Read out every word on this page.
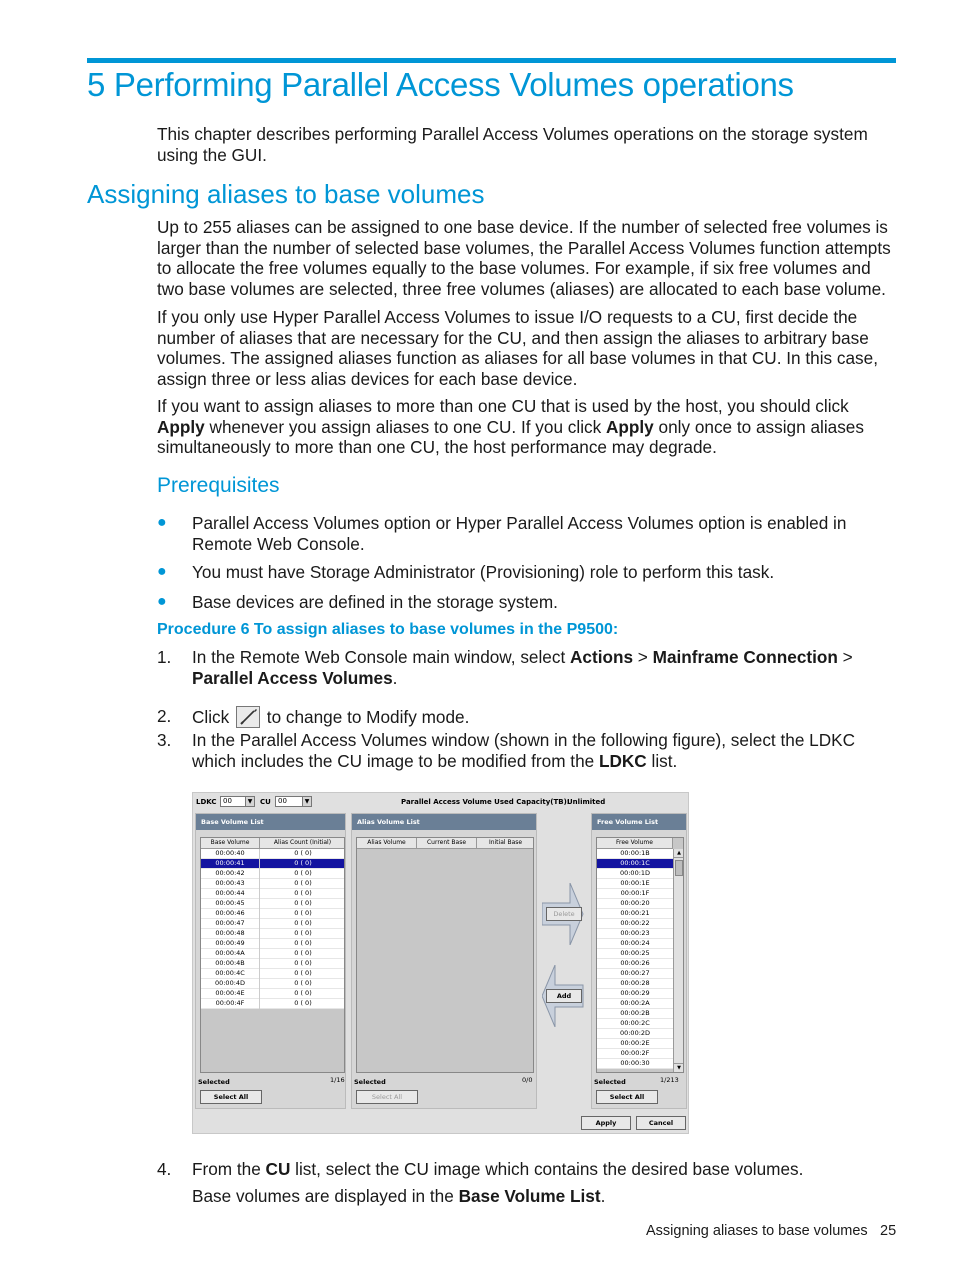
5 Performing Parallel Access Volumes operations
This chapter describes performing Parallel Access Volumes operations on the storage system using the GUI.
Assigning aliases to base volumes
Up to 255 aliases can be assigned to one base device. If the number of selected free volumes is larger than the number of selected base volumes, the Parallel Access Volumes function attempts to allocate the free volumes equally to the base volumes. For example, if six free volumes and two base volumes are selected, three free volumes (aliases) are allocated to each base volume.
If you only use Hyper Parallel Access Volumes to issue I/O requests to a CU, first decide the number of aliases that are necessary for the CU, and then assign the aliases to arbitrary base volumes. The assigned aliases function as aliases for all base volumes in that CU. In this case, assign three or less alias devices for each base device.
If you want to assign aliases to more than one CU that is used by the host, you should click Apply whenever you assign aliases to one CU. If you click Apply only once to assign aliases simultaneously to more than one CU, the host performance may degrade.
Prerequisites
● Parallel Access Volumes option or Hyper Parallel Access Volumes option is enabled in Remote Web Console.
● You must have Storage Administrator (Provisioning) role to perform this task.
● Base devices are defined in the storage system.
Procedure 6 To assign aliases to base volumes in the P9500:
1. In the Remote Web Console main window, select Actions > Mainframe Connection > Parallel Access Volumes.
2. Click  to change to Modify mode.
3. In the Parallel Access Volumes window (shown in the following figure), select the LDKC which includes the CU image to be modified from the LDKC list.
LDKC 00	▼ CU	00	▼	Parallel Access Volume Used Capacity(TB):
Unlimited
Base Volume List
Base Volume	Alias Count (Initial)
00:00:40	0 ( 0)
00:00:41	0 ( 0)
00:00:42	0 ( 0)
00:00:43	0 ( 0)
00:00:44	0 ( 0)
00:00:45	0 ( 0)
00:00:46	0 ( 0)
00:00:47	0 ( 0)
00:00:48	0 ( 0)
00:00:49	0 ( 0)
00:00:4A	0 ( 0)
00:00:4B	0 ( 0)
00:00:4C	0 ( 0)
00:00:4D	0 ( 0)
00:00:4E	0 ( 0)
00:00:4F	0 ( 0)
Selected	1/16
Select All
Alias Volume List
Alias Volume	Current Base	Initial Base
Selected	0/0
Select All
Delete
Add
Free Volume List
Free Volume
00:00:1B
00:00:1C
00:00:1D
00:00:1E
00:00:1F
00:00:20
00:00:21
00:00:22
00:00:23
00:00:24
00:00:25
00:00:26
00:00:27
00:00:28
00:00:29
00:00:2A
00:00:2B
00:00:2C
00:00:2D
00:00:2E
00:00:2F
00:00:30
▲
▼
Selected	1/213
Select All
Apply	Cancel
4. From the CU list, select the CU image which contains the desired base volumes.
Base volumes are displayed in the Base Volume List.
Assigning aliases to base volumes 25
